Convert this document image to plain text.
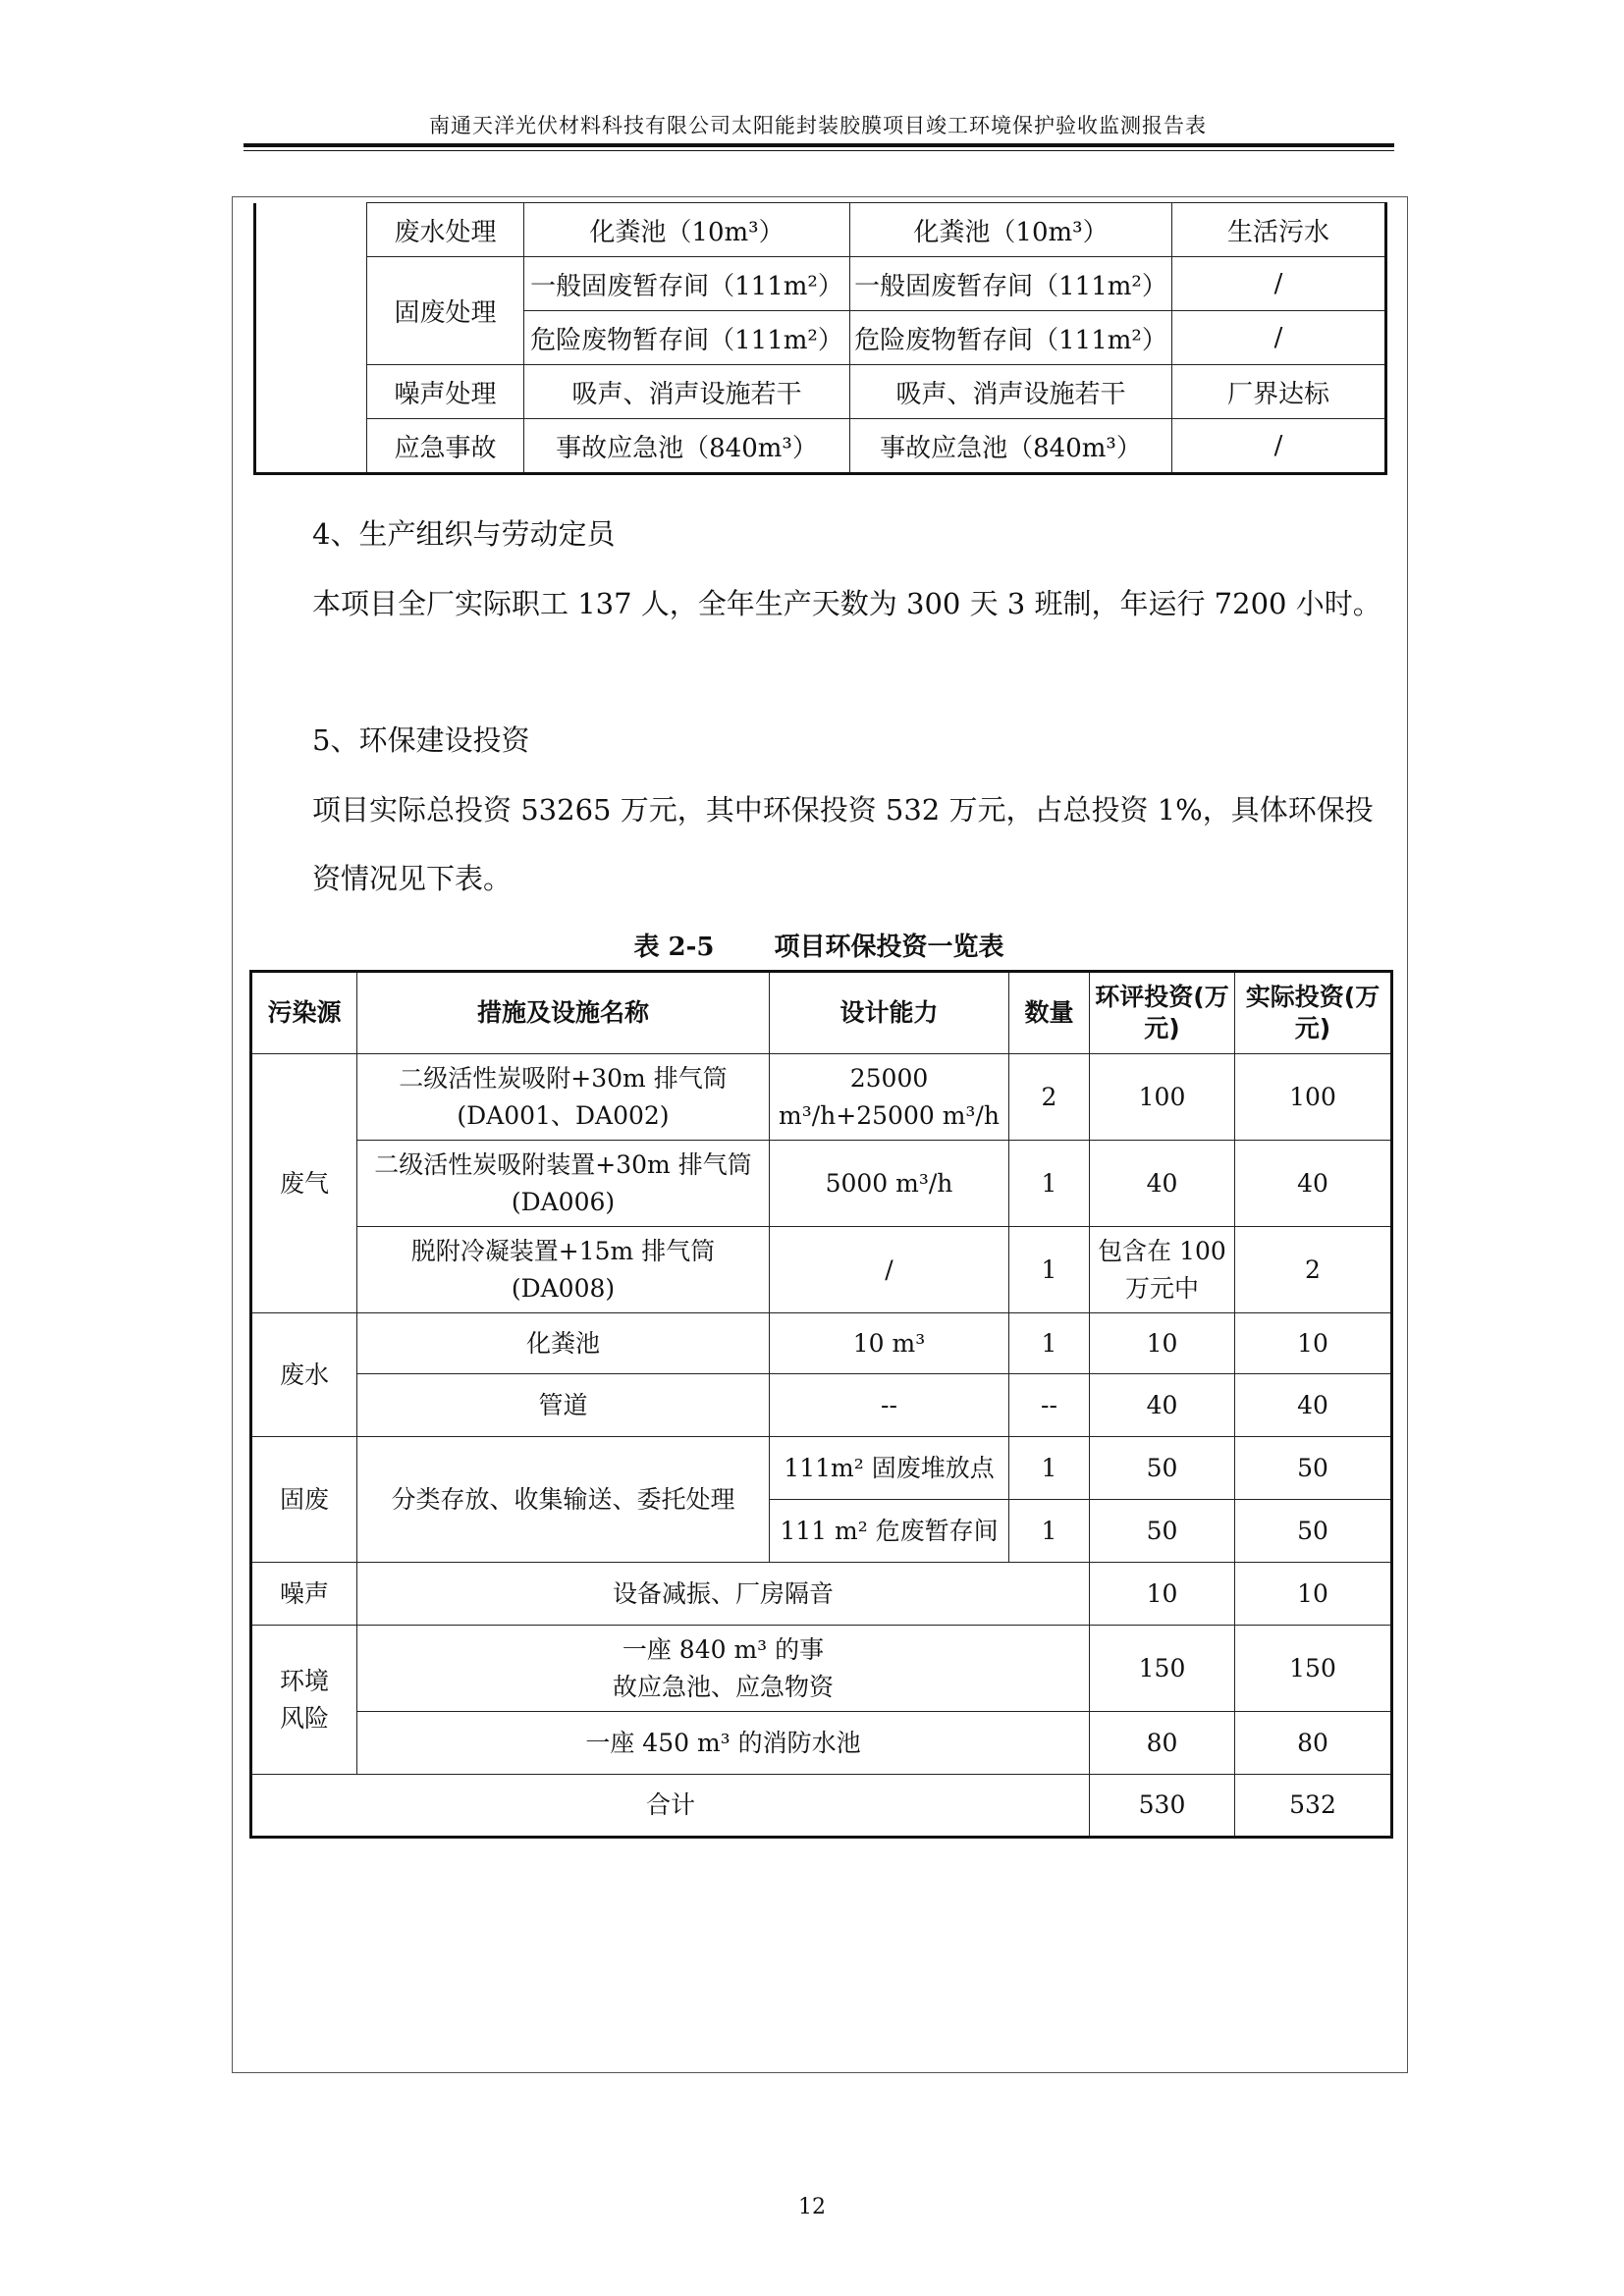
南通天洋光伏材料科技有限公司太阳能封装胶膜项目竣工环境保护验收监测报告表
	废水处理	化粪池（10m³）	化粪池（10m³）	生活污水
	固废处理	一般固废暂存间（111m²）	一般固废暂存间（111m²）	/
		危险废物暂存间（111m²）	危险废物暂存间（111m²）	/
	噪声处理	吸声、消声设施若干	吸声、消声设施若干	厂界达标
	应急事故	事故应急池（840m³）	事故应急池（840m³）	/
4、生产组织与劳动定员
本项目全厂实际职工 137 人，全年生产天数为 300 天 3 班制，年运行 7200 小时。
5、环保建设投资
项目实际总投资 53265 万元，其中环保投资 532 万元，占总投资 1%，具体环保投资情况见下表。
表 2-5 项目环保投资一览表
污染源	措施及设施名称	设计能力	数量	环评投资(万元)	实际投资(万元)
废气	二级活性炭吸附+30m 排气筒(DA001、DA002)	25000 m³/h+25000 m³/h	2	100	100
	二级活性炭吸附装置+30m 排气筒(DA006)	5000 m³/h	1	40	40
	脱附冷凝装置+15m 排气筒(DA008)	/	1	包含在 100 万元中	2
废水	化粪池	10 m³	1	10	10
	管道	--	--	40	40
固废	分类存放、收集输送、委托处理	111m² 固废堆放点	1	50	50
		111 m² 危废暂存间	1	50	50
噪声	设备减振、厂房隔音			10	10
环境风险	一座 840 m³ 的事故应急池、应急物资			150	150
	一座 450 m³ 的消防水池			80	80
合计				530	532
12
